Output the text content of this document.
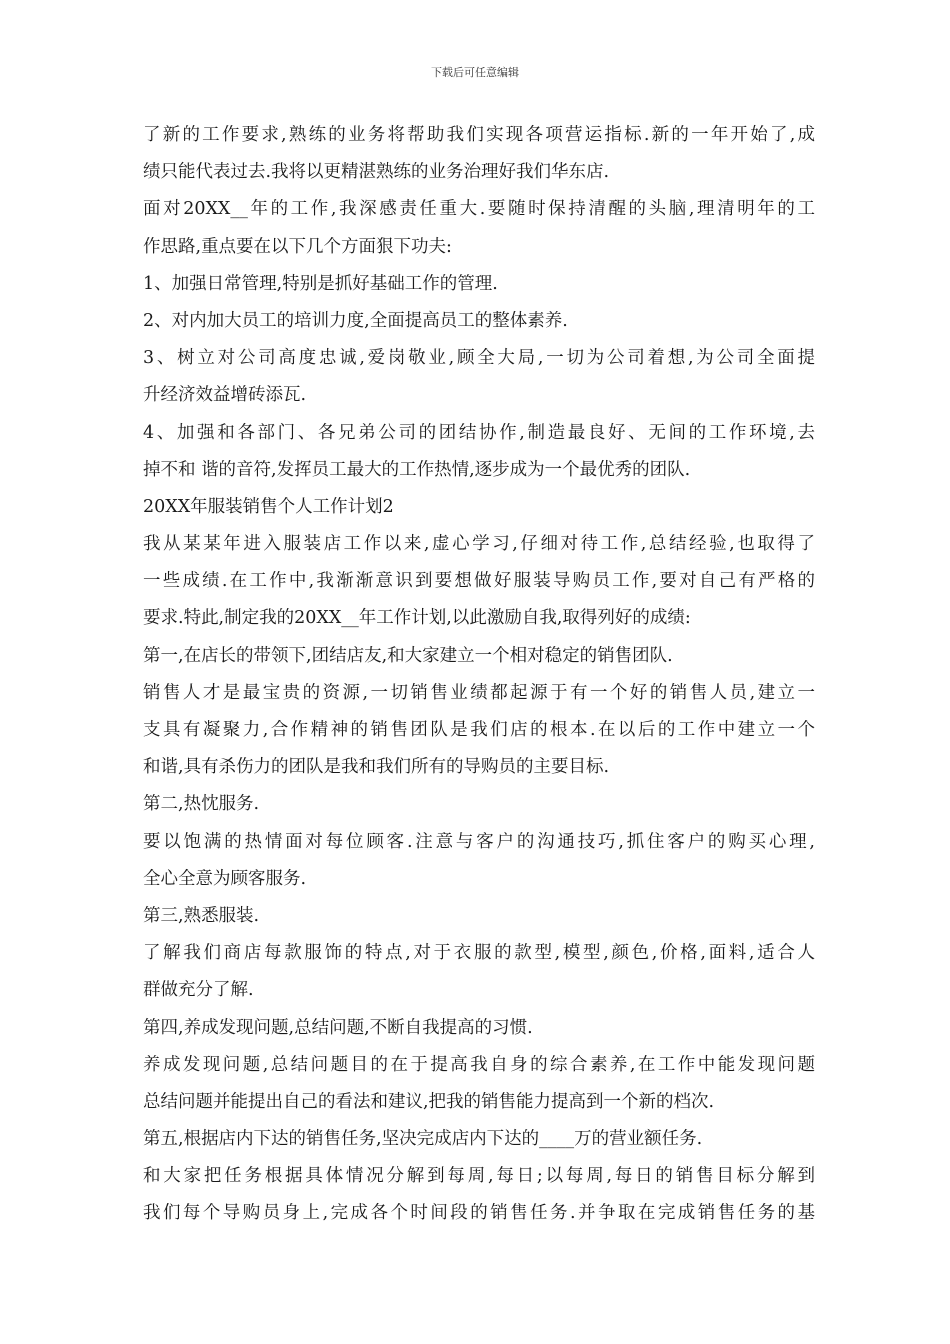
下载后可任意编辑
了新的工作要求,熟练的业务将帮助我们实现各项营运指标.新的一年开始了,成
绩只能代表过去.我将以更精湛熟练的业务治理好我们华东店.
面对20XX__年的工作,我深感责任重大.要随时保持清醒的头脑,理清明年的工
作思路,重点要在以下几个方面狠下功夫:
1、加强日常管理,特别是抓好基础工作的管理.
2、对内加大员工的培训力度,全面提高员工的整体素养.
3、树立对公司高度忠诚,爱岗敬业,顾全大局,一切为公司着想,为公司全面提
升经济效益增砖添瓦.
4、加强和各部门、各兄弟公司的团结协作,制造最良好、无间的工作环境,去
掉不和 谐的音符,发挥员工最大的工作热情,逐步成为一个最优秀的团队.
20XX年服装销售个人工作计划2
我从某某年进入服装店工作以来,虚心学习,仔细对待工作,总结经验,也取得了
一些成绩.在工作中,我渐渐意识到要想做好服装导购员工作,要对自己有严格的
要求.特此,制定我的20XX__年工作计划,以此激励自我,取得列好的成绩:
第一,在店长的带领下,团结店友,和大家建立一个相对稳定的销售团队.
销售人才是最宝贵的资源,一切销售业绩都起源于有一个好的销售人员,建立一
支具有凝聚力,合作精神的销售团队是我们店的根本.在以后的工作中建立一个
和谐,具有杀伤力的团队是我和我们所有的导购员的主要目标.
第二,热忱服务.
要以饱满的热情面对每位顾客.注意与客户的沟通技巧,抓住客户的购买心理,
全心全意为顾客服务.
第三,熟悉服装.
了解我们商店每款服饰的特点,对于衣服的款型,模型,颜色,价格,面料,适合人
群做充分了解.
第四,养成发现问题,总结问题,不断自我提高的习惯.
养成发现问题,总结问题目的在于提高我自身的综合素养,在工作中能发现问题
总结问题并能提出自己的看法和建议,把我的销售能力提高到一个新的档次.
第五,根据店内下达的销售任务,坚决完成店内下达的____万的营业额任务.
和大家把任务根据具体情况分解到每周,每日;以每周,每日的销售目标分解到
我们每个导购员身上,完成各个时间段的销售任务.并争取在完成销售任务的基
